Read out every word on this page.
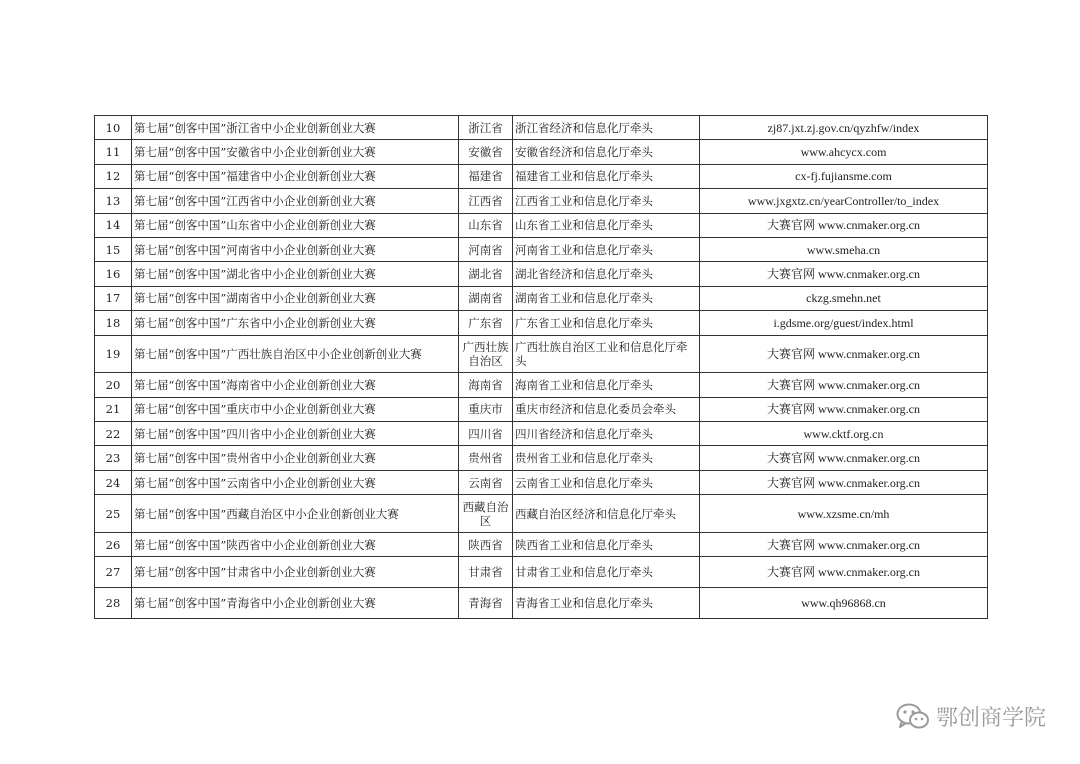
10	第七届“创客中国”浙江省中小企业创新创业大赛	浙江省	浙江省经济和信息化厅牵头	zj87.jxt.zj.gov.cn/qyzhfw/index
11	第七届“创客中国”安徽省中小企业创新创业大赛	安徽省	安徽省经济和信息化厅牵头	www.ahcycx.com
12	第七届“创客中国”福建省中小企业创新创业大赛	福建省	福建省工业和信息化厅牵头	cx-fj.fujiansme.com
13	第七届“创客中国”江西省中小企业创新创业大赛	江西省	江西省工业和信息化厅牵头	www.jxgxtz.cn/yearController/to_index
14	第七届“创客中国”山东省中小企业创新创业大赛	山东省	山东省工业和信息化厅牵头	大赛官网 www.cnmaker.org.cn
15	第七届“创客中国”河南省中小企业创新创业大赛	河南省	河南省工业和信息化厅牵头	www.smeha.cn
16	第七届“创客中国”湖北省中小企业创新创业大赛	湖北省	湖北省经济和信息化厅牵头	大赛官网 www.cnmaker.org.cn
17	第七届“创客中国”湖南省中小企业创新创业大赛	湖南省	湖南省工业和信息化厅牵头	ckzg.smehn.net
18	第七届“创客中国”广东省中小企业创新创业大赛	广东省	广东省工业和信息化厅牵头	i.gdsme.org/guest/index.html
19	第七届“创客中国”广西壮族自治区中小企业创新创业大赛	广西壮族自治区	广西壮族自治区工业和信息化厅牵头	大赛官网 www.cnmaker.org.cn
20	第七届“创客中国”海南省中小企业创新创业大赛	海南省	海南省工业和信息化厅牵头	大赛官网 www.cnmaker.org.cn
21	第七届“创客中国”重庆市中小企业创新创业大赛	重庆市	重庆市经济和信息化委员会牵头	大赛官网 www.cnmaker.org.cn
22	第七届“创客中国”四川省中小企业创新创业大赛	四川省	四川省经济和信息化厅牵头	www.cktf.org.cn
23	第七届“创客中国”贵州省中小企业创新创业大赛	贵州省	贵州省工业和信息化厅牵头	大赛官网 www.cnmaker.org.cn
24	第七届“创客中国”云南省中小企业创新创业大赛	云南省	云南省工业和信息化厅牵头	大赛官网 www.cnmaker.org.cn
25	第七届“创客中国”西藏自治区中小企业创新创业大赛	西藏自治区	西藏自治区经济和信息化厅牵头	www.xzsme.cn/mh
26	第七届“创客中国”陕西省中小企业创新创业大赛	陕西省	陕西省工业和信息化厅牵头	大赛官网 www.cnmaker.org.cn
27	第七届“创客中国”甘肃省中小企业创新创业大赛	甘肃省	甘肃省工业和信息化厅牵头	大赛官网 www.cnmaker.org.cn
28	第七届“创客中国”青海省中小企业创新创业大赛	青海省	青海省工业和信息化厅牵头	www.qh96868.cn
鄂创商学院
